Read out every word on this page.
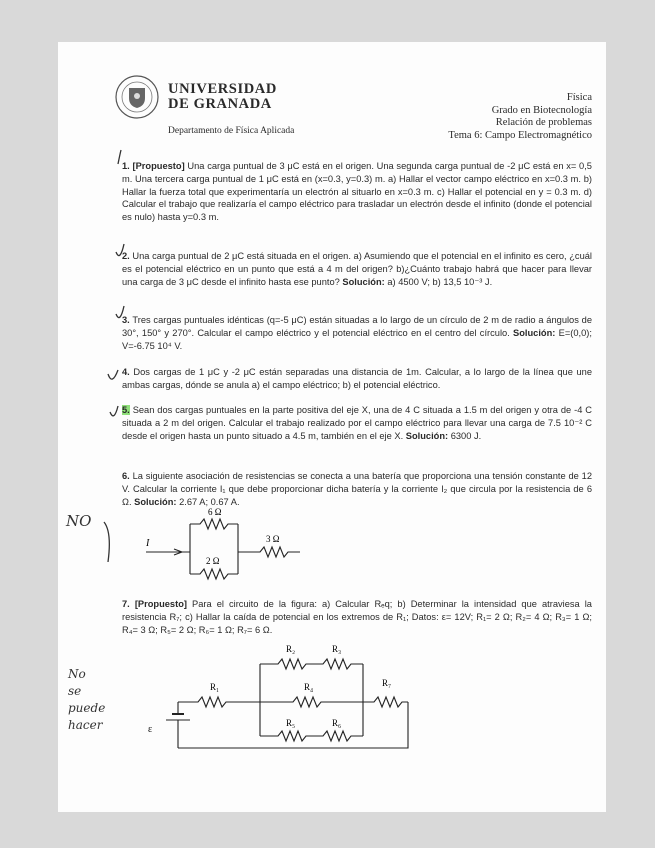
UNIVERSIDAD
DE GRANADA
Departamento de Física Aplicada
Física
Grado en Biotecnología
Relación de problemas
Tema 6: Campo Electromagnético
1. [Propuesto] Una carga puntual de 3 μC está en el origen. Una segunda carga puntual de -2 μC está en x= 0,5 m. Una tercera carga puntual de 1 μC está en (x=0.3, y=0.3) m. a) Hallar el vector campo eléctrico en x=0.3 m. b) Hallar la fuerza total que experimentaría un electrón al situarlo en x=0.3 m. c) Hallar el potencial en y = 0.3 m. d) Calcular el trabajo que realizaría el campo eléctrico para trasladar un electrón desde el infinito (donde el potencial es nulo) hasta y=0.3 m.
2. Una carga puntual de 2 μC está situada en el origen. a) Asumiendo que el potencial en el infinito es cero, ¿cuál es el potencial eléctrico en un punto que está a 4 m del origen? b)¿Cuánto trabajo habrá que hacer para llevar una carga de 3 μC desde el infinito hasta ese punto? Solución: a) 4500 V; b) 13,5 10⁻³ J.
3. Tres cargas puntuales idénticas (q=-5 μC) están situadas a lo largo de un círculo de 2 m de radio a ángulos de 30°, 150° y 270°. Calcular el campo eléctrico y el potencial eléctrico en el centro del círculo. Solución: E=(0,0); V=-6.75 10⁴ V.
4. Dos cargas de 1 μC y -2 μC están separadas una distancia de 1m. Calcular, a lo largo de la línea que une ambas cargas, dónde se anula a) el campo eléctrico; b) el potencial eléctrico.
5. Sean dos cargas puntuales en la parte positiva del eje X, una de 4 C situada a 1.5 m del origen y otra de -4 C situada a 2 m del origen. Calcular el trabajo realizado por el campo eléctrico para llevar una carga de 7.5 10⁻² C desde el origen hasta un punto situado a 4.5 m, también en el eje X. Solución: 6300 J.
6. La siguiente asociación de resistencias se conecta a una batería que proporciona una tensión constante de 12 V. Calcular la corriente I₁ que debe proporcionar dicha batería y la corriente I₂ que circula por la resistencia de 6 Ω. Solución: 2.67 A; 0.67 A.
6 Ω
2 Ω
3 Ω
I
7. [Propuesto] Para el circuito de la figura: a) Calcular Rₑq; b) Determinar la intensidad que atraviesa la resistencia R₇; c) Hallar la caída de potencial en los extremos de R₁; Datos: ε= 12V; R₁= 2 Ω; R₂= 4 Ω; R₃= 1 Ω; R₄= 3 Ω; R₅= 2 Ω; R₆= 1 Ω; R₇= 6 Ω.
R₁
R₂	R₃
R₄
R₅	R₆
R₇
ε
NO
No
se
puede
hacer
